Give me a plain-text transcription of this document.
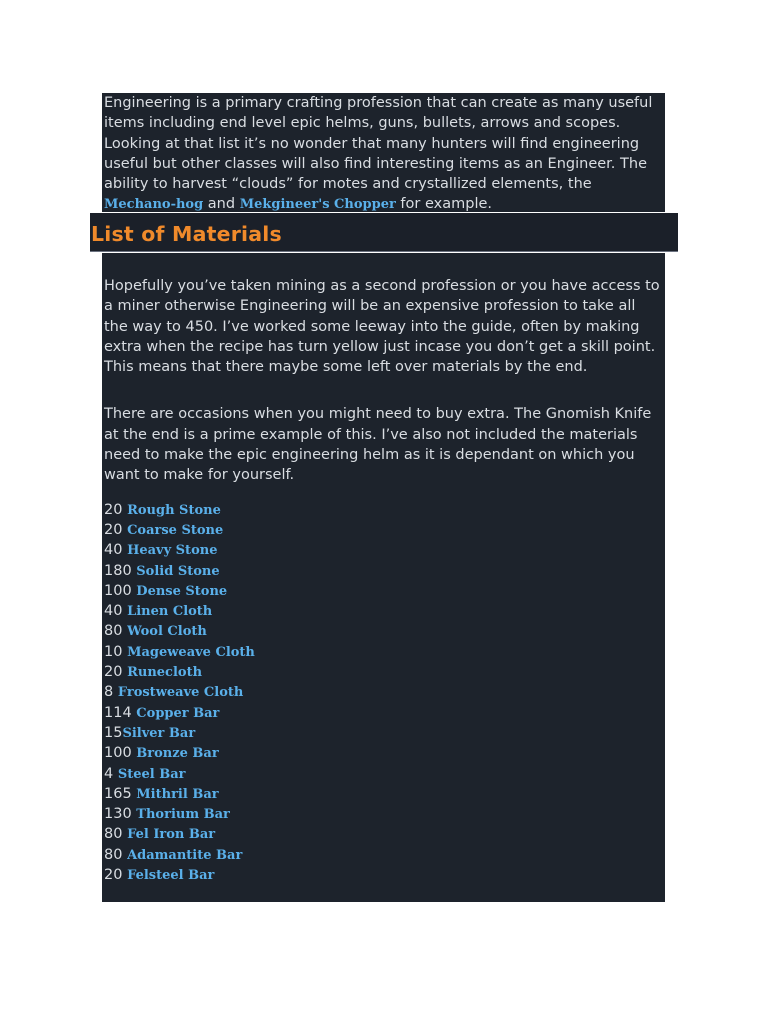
Engineering is a primary crafting profession that can create as many useful items including end level epic helms, guns, bullets, arrows and scopes. Looking at that list it’s no wonder that many hunters will find engineering useful but other classes will also find interesting items as an Engineer. The ability to harvest “clouds” for motes and crystallized elements, the Mechano-hog and Mekgineer's Chopper for example.

List of Materials

Hopefully you’ve taken mining as a second profession or you have access to a miner otherwise Engineering will be an expensive profession to take all the way to 450. I’ve worked some leeway into the guide, often by making extra when the recipe has turn yellow just incase you don’t get a skill point. This means that there maybe some left over materials by the end.

There are occasions when you might need to buy extra. The Gnomish Knife at the end is a prime example of this. I’ve also not included the materials need to make the epic engineering helm as it is dependant on which you want to make for yourself.

20 Rough Stone
20 Coarse Stone
40 Heavy Stone
180 Solid Stone
100 Dense Stone
40 Linen Cloth
80 Wool Cloth
10 Mageweave Cloth
20 Runecloth
8 Frostweave Cloth
114 Copper Bar
15Silver Bar
100 Bronze Bar
4 Steel Bar
165 Mithril Bar
130 Thorium Bar
80 Fel Iron Bar
80 Adamantite Bar
20 Felsteel Bar
